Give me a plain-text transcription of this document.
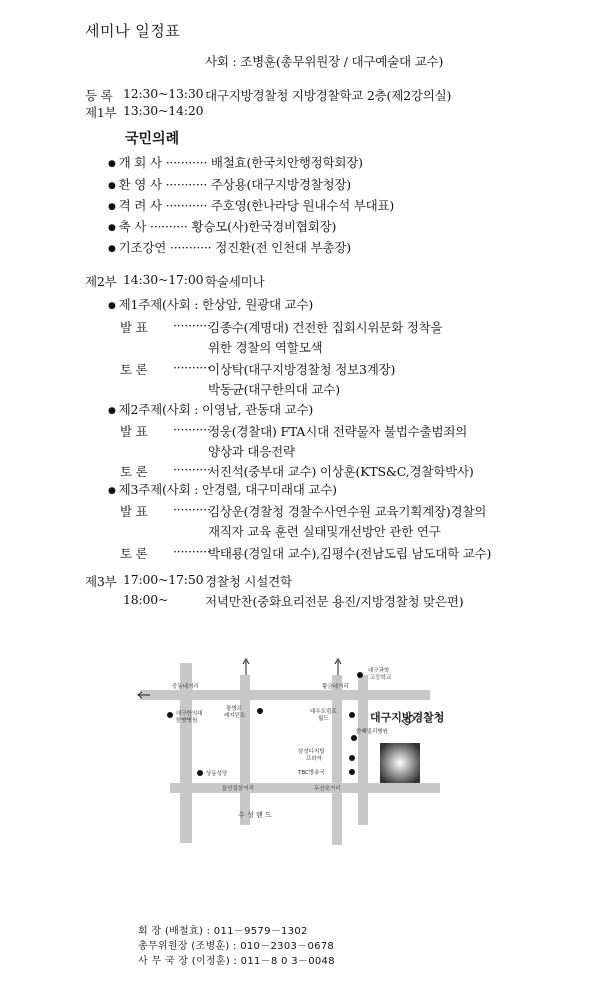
세미나 일정표
사회 : 조병훈(총무위원장 / 대구예술대 교수)
등 록 12:30~13:30 대구지방경찰청 지방경찰학교 2층(제2강의실)
제1부 13:30~14:20
국민의례
● 개 회 사 ··········· 배철효(한국치안행정학회장)
● 환 영 사 ··········· 주상용(대구지방경찰청장)
● 격 려 사 ··········· 주호영(한나라당 원내수석 부대표)
● 축 사 ·········· 황승모(사)한국경비협회장)
● 기조강연 ··········· 정진환(전 인천대 부총장)
제2부 14:30~17:00 학술세미나
● 제1주제(사회 : 한상암, 원광대 교수)
발 표 ··········
김종수(계명대) 건전한 집회시위문화 정착을
위한 경찰의 역할모색
토 론 ··········
이상탁(대구지방경찰청 정보3계장)
박동균(대구한의대 교수)
● 제2주제(사회 : 이영남, 관동대 교수)
발 표 ··········
정웅(경찰대) FTA시대 전략물자 불법수출범죄의
양상과 대응전략
토 론 ··········
서진석(중부대 교수) 이상훈(KTS&C,경찰학박사)
● 제3주제(사회 : 안경렬, 대구미래대 교수)
발 표 ··········
김상운(경찰청 경찰수사연수원 교육기획계장)경찰의
재직자 교육 훈련 실태및개선방안 관한 연구
토 론 ··········
박태룡(경일대 교수),김평수(전남도립 남도대학 교수)
제3부 17:00~17:50 경찰청 시설견학
18:00~	저녁만찬(중화요리전문 용진/지방경찰청 맞은편)
중동네거리	황금네거리
대구한의대
한방병원
광명프
레지던트
대우트럼프
월드
대구과학
고등학교
한패밀리병원
삼성디지털
프라자
TBC방송국
상동성당
들안길삼거리	두산오거리
수 성 랜 드
대구지방경찰청
회 장 (배철효) : 011－9579－1302
총무위원장 (조병훈) : 010－2303－0678
사 무 국 장 (이정훈) : 011－8 0 3－0048
